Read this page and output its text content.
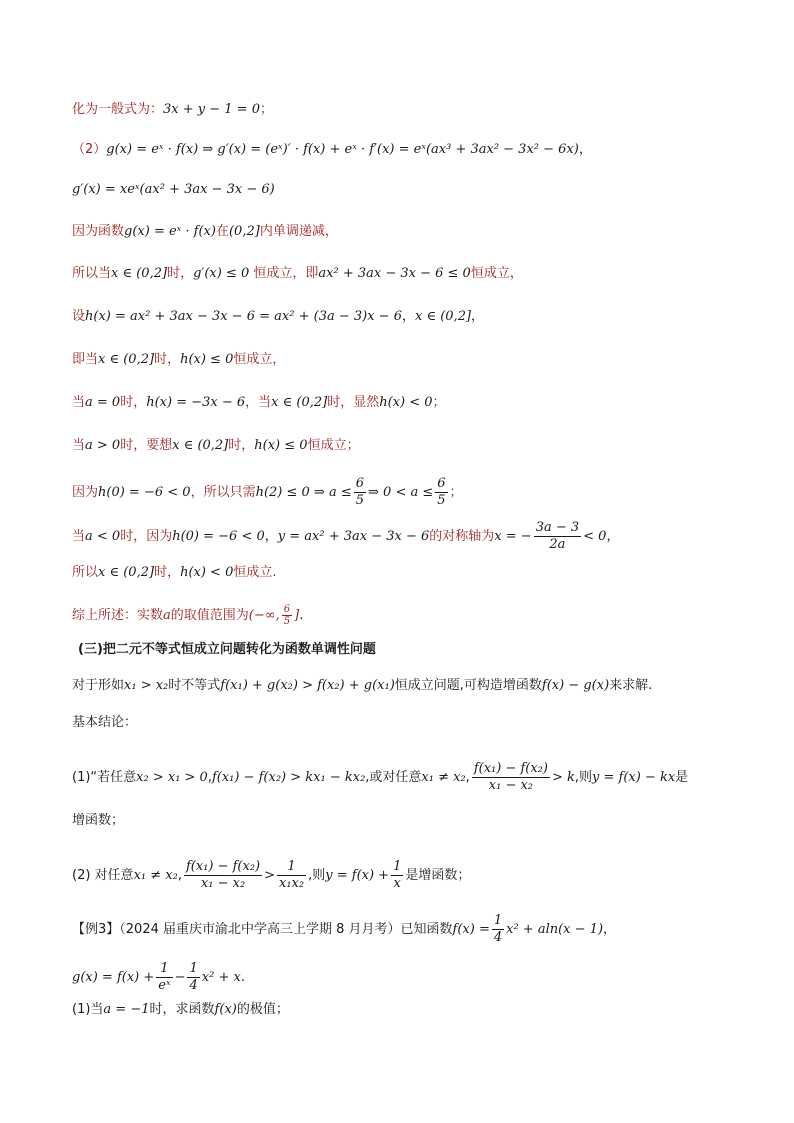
化为一般式为：3x + y − 1 = 0；
（2）g(x) = eˣ · f(x) ⇒ g′(x) = (eˣ)′ · f(x) + eˣ · f′(x) = eˣ(ax³ + 3ax² − 3x² − 6x)，
g′(x) = xeˣ(ax² + 3ax − 3x − 6)
因为函数g(x) = eˣ · f(x)在(0,2]内单调递减，
所以当x ∈ (0,2]时，g′(x) ≤ 0 恒成立，即ax² + 3ax − 3x − 6 ≤ 0恒成立，
设h(x) = ax² + 3ax − 3x − 6 = ax² + (3a − 3)x − 6，x ∈ (0,2]，
即当x ∈ (0,2]时，h(x) ≤ 0恒成立，
当a = 0时，h(x) = −3x − 6，当x ∈ (0,2]时，显然h(x) < 0；
当a > 0时，要想x ∈ (0,2]时，h(x) ≤ 0恒成立；
因为h(0) = −6 < 0，所以只需h(2) ≤ 0 ⇒ $a \le \frac{6}{5}$ ⇒ $0 < a \le \frac{6}{5}$ ；
当a < 0时，因为h(0) = −6 < 0，y = ax² + 3ax − 3x − 6的对称轴为x = − $\frac{3a - 3}{2a} < 0$，
所以x ∈ (0,2]时，h(x) < 0恒成立.
综上所述：实数a的取值范围为(−∞, $\frac{6}{5}$ ].
(三)把二元不等式恒成立问题转化为函数单调性问题
对于形如x₁ > x₂时不等式f(x₁) + g(x₂) > f(x₂) + g(x₁)恒成立问题,可构造增函数f(x) − g(x)来求解.
基本结论：
(1)“若任意x₂ > x₁ > 0,f(x₁) − f(x₂) > kx₁ − kx₂,或对任意x₁ ≠ x₂, $\frac{\text{f(x₁) − f(x₂)}}{\text{x₁ − x₂}} > k$,则y = f(x) − kx是
增函数；
(2) 对任意x₁ ≠ x₂, $\frac{\text{f(x₁) − f(x₂)}}{\text{x₁ − x₂}} > \frac{1}{\text{x₁x₂}}$ ,则$y = f(x) + \frac{1}{x}$ 是增函数；
【例3】（2024 届重庆市渝北中学高三上学期 8 月月考）已知函数$f(x) = \frac{1}{4} x^2 + aln(x - 1)$，
$g(x) = f(x) + \frac{1}{\text{eˣ}} - \frac{1}{4} x^2 + x$.
(1)当a = −1时，求函数f(x)的极值；
